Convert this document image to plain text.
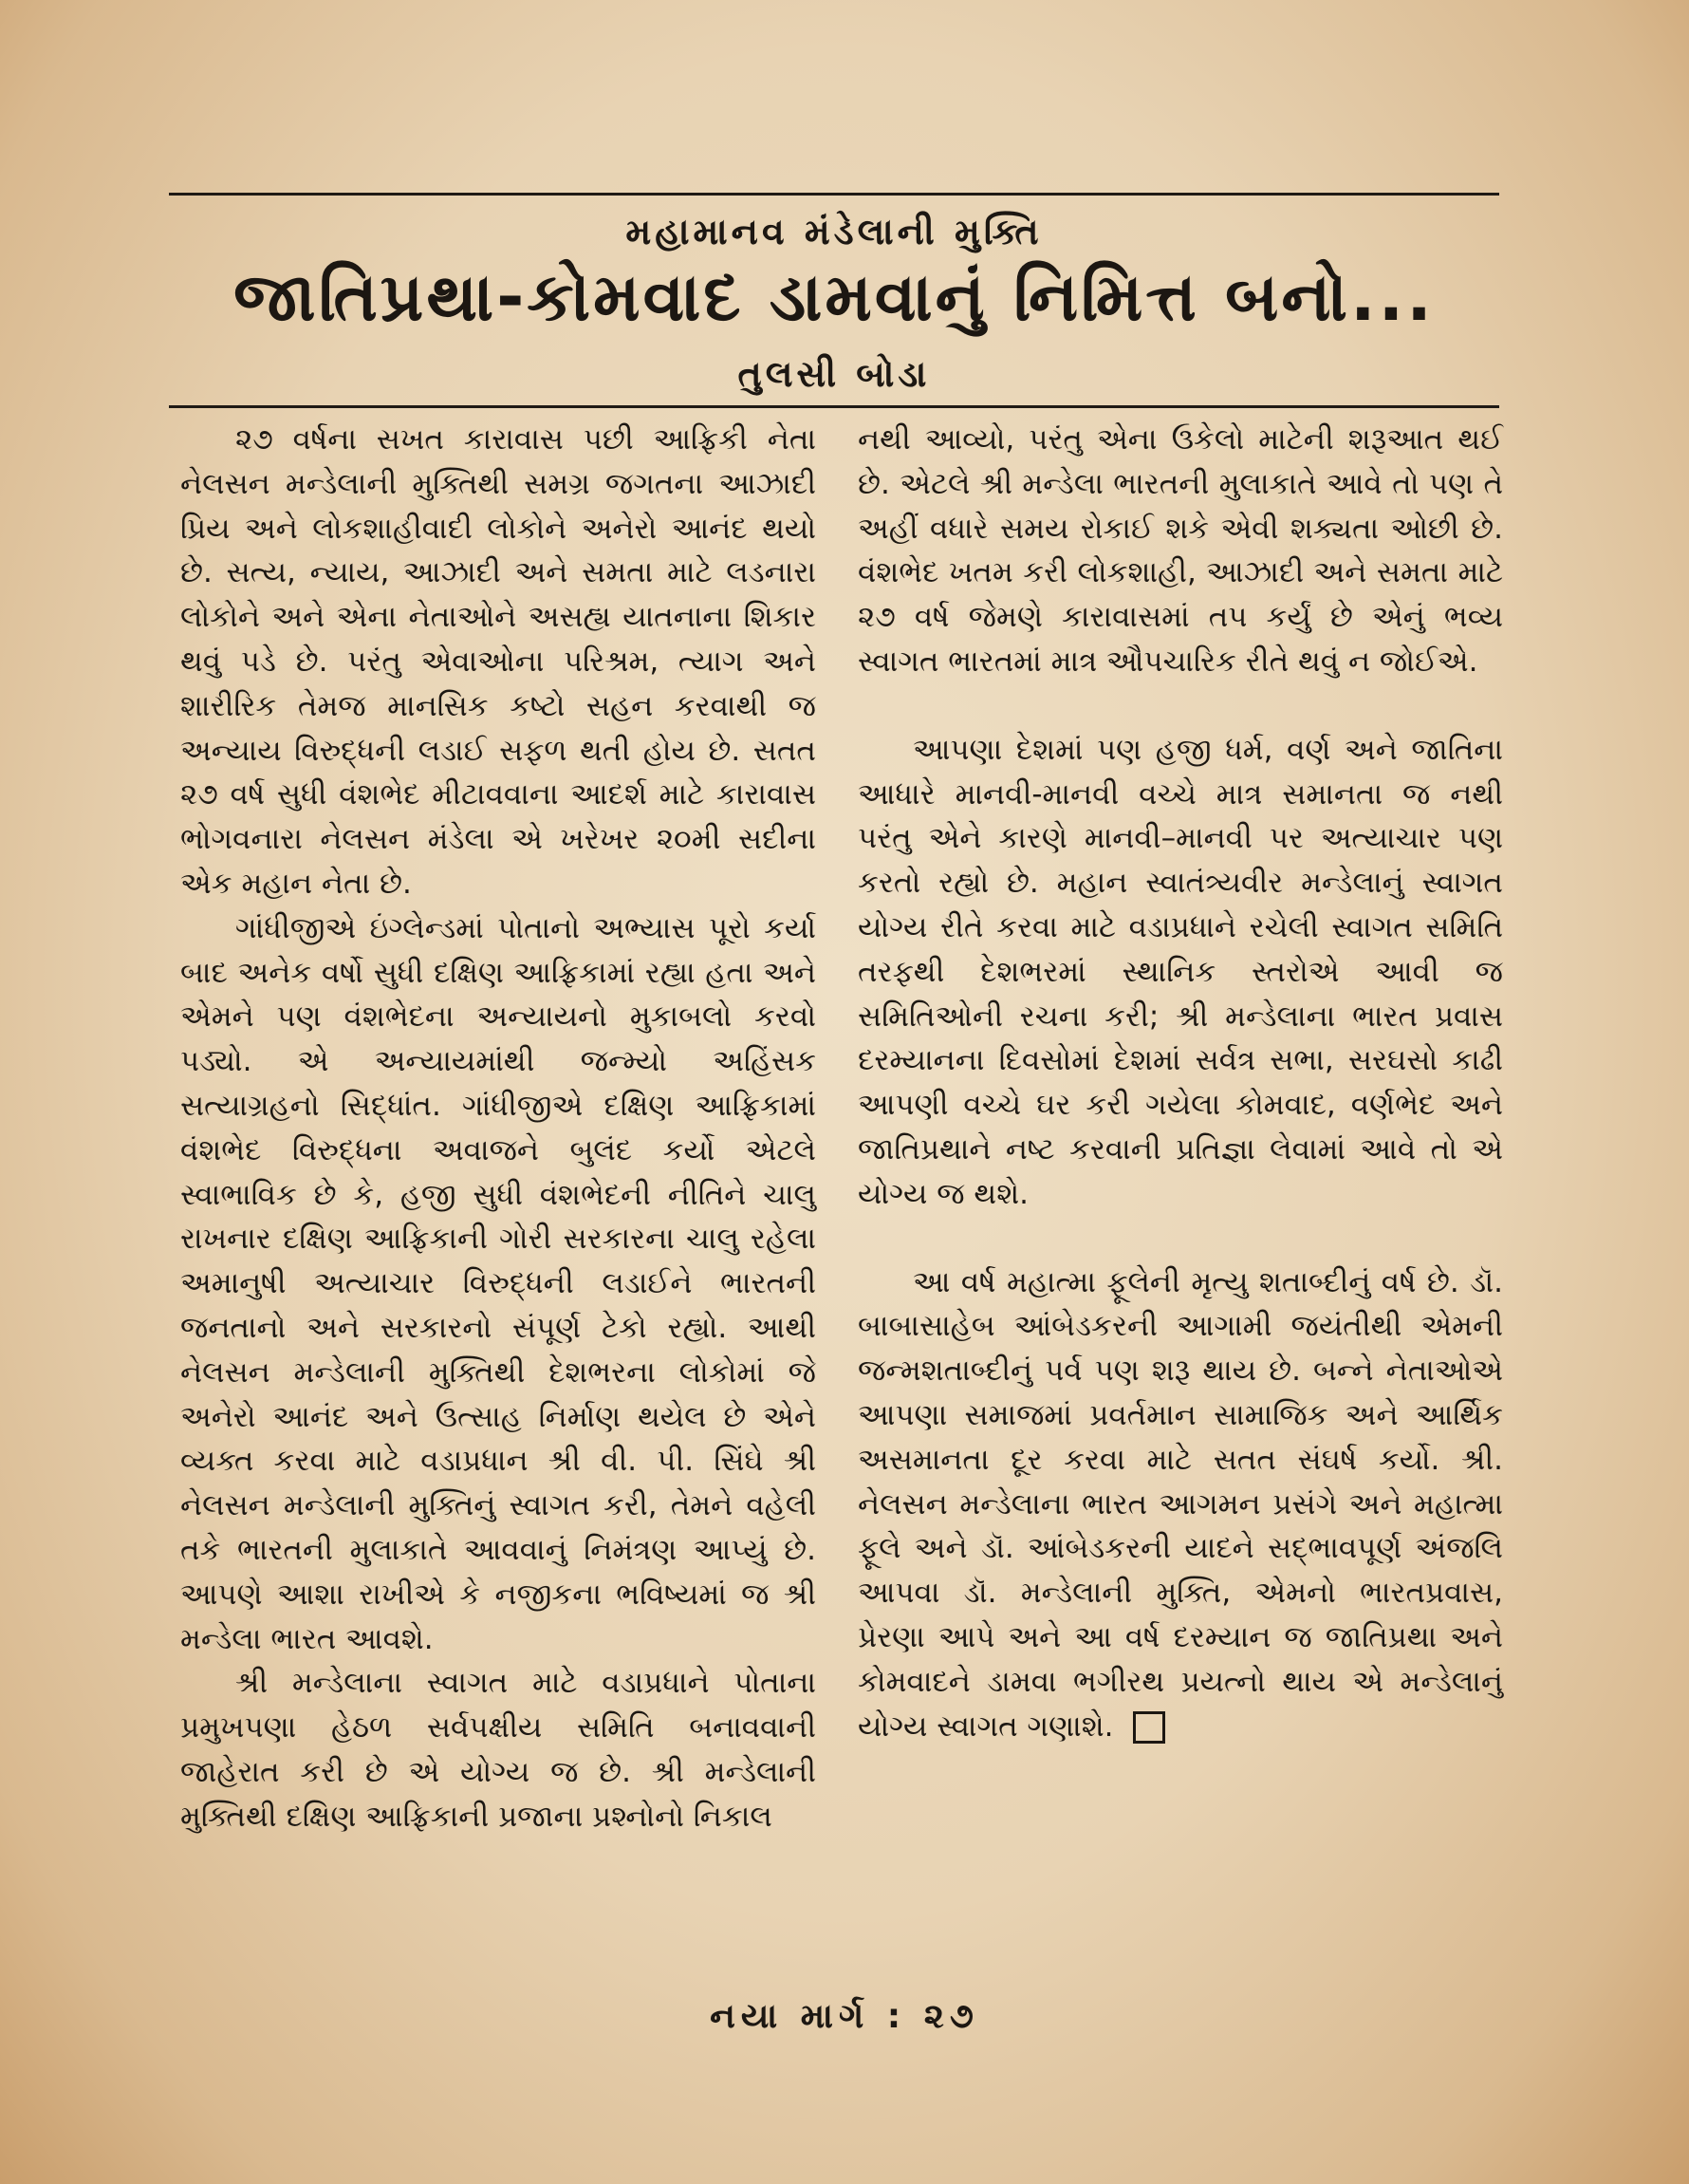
મહામાનવ મંડેલાની મુક્તિ
જાતિપ્રથા-કોમવાદ ડામવાનું નિમિત્ત બનો...
તુલસી બોડા

૨૭ વર્ષના સખત કારાવાસ પછી આફ્રિકી નેતા નેલસન મન્ડેલાની મુક્તિથી સમગ્ર જગતના આઝાદી પ્રિય અને લોકશાહીવાદી લોકોને અનેરો આનંદ થયો છે. સત્ય, ન્યાય, આઝાદી અને સમતા માટે લડનારા લોકોને અને એના નેતાઓને અસહ્ય યાતનાના શિકાર થવું પડે છે. પરંતુ એવાઓના પરિશ્રમ, ત્યાગ અને શારીરિક તેમજ માનસિક કષ્ટો સહન કરવાથી જ અન્યાય વિરુદ્ધની લડાઈ સફળ થતી હોય છે. સતત ૨૭ વર્ષ સુધી વંશભેદ મીટાવવાના આદર્શ માટે કારાવાસ ભોગવનારા નેલસન મંડેલા એ ખરેખર ૨૦મી સદીના એક મહાન નેતા છે.

ગાંધીજીએ ઇંગ્લેન્ડમાં પોતાનો અભ્યાસ પૂરો કર્યા બાદ અનેક વર્ષો સુધી દક્ષિણ આફ્રિકામાં રહ્યા હતા અને એમને પણ વંશભેદના અન્યાયનો મુકાબલો કરવો પડ્યો. એ અન્યાયમાંથી જન્મ્યો અહિંસક સત્યાગ્રહનો સિદ્ધાંત. ગાંધીજીએ દક્ષિણ આફ્રિકામાં વંશભેદ વિરુદ્ધના અવાજને બુલંદ કર્યો એટલે સ્વાભાવિક છે કે, હજી સુધી વંશભેદની નીતિને ચાલુ રાખનાર દક્ષિણ આફ્રિકાની ગોરી સરકારના ચાલુ રહેલા અમાનુષી અત્યાચાર વિરુદ્ધની લડાઈને ભારતની જનતાનો અને સરકારનો સંપૂર્ણ ટેકો રહ્યો. આથી નેલસન મન્ડેલાની મુક્તિથી દેશભરના લોકોમાં જે અનેરો આનંદ અને ઉત્સાહ નિર્માણ થયેલ છે એને વ્યક્ત કરવા માટે વડાપ્રધાન શ્રી વી. પી. સિંઘે શ્રી નેલસન મન્ડેલાની મુક્તિનું સ્વાગત કરી, તેમને વહેલી તકે ભારતની મુલાકાતે આવવાનું નિમંત્રણ આપ્યું છે. આપણે આશા રાખીએ કે નજીકના ભવિષ્યમાં જ શ્રી મન્ડેલા ભારત આવશે.

શ્રી મન્ડેલાના સ્વાગત માટે વડાપ્રધાને પોતાના પ્રમુખપણા હેઠળ સર્વપક્ષીય સમિતિ બનાવવાની જાહેરાત કરી છે એ યોગ્ય જ છે. શ્રી મન્ડેલાની મુક્તિથી દક્ષિણ આફ્રિકાની પ્રજાના પ્રશ્નોનો નિકાલ

નથી આવ્યો, પરંતુ એના ઉકેલો માટેની શરૂઆત થઈ છે. એટલે શ્રી મન્ડેલા ભારતની મુલાકાતે આવે તો પણ તે અહીં વધારે સમય રોકાઈ શકે એવી શક્યતા ઓછી છે. વંશભેદ ખતમ કરી લોકશાહી, આઝાદી અને સમતા માટે ૨૭ વર્ષ જેમણે કારાવાસમાં તપ કર્યું છે એનું ભવ્ય સ્વાગત ભારતમાં માત્ર ઔપચારિક રીતે થવું ન જોઈએ.

આપણા દેશમાં પણ હજી ધર્મ, વર્ણ અને જાતિના આધારે માનવી-માનવી વચ્ચે માત્ર સમાનતા જ નથી પરંતુ એને કારણે માનવી–માનવી પર અત્યાચાર પણ કરતો રહ્યો છે. મહાન સ્વાતંત્ર્યવીર મન્ડેલાનું સ્વાગત યોગ્ય રીતે કરવા માટે વડાપ્રધાને રચેલી સ્વાગત સમિતિ તરફથી દેશભરમાં સ્થાનિક સ્તરોએ આવી જ સમિતિઓની રચના કરી; શ્રી મન્ડેલાના ભારત પ્રવાસ દરમ્યાનના દિવસોમાં દેશમાં સર્વત્ર સભા, સરઘસો કાઢી આપણી વચ્ચે ઘર કરી ગયેલા કોમવાદ, વર્ણભેદ અને જાતિપ્રથાને નષ્ટ કરવાની પ્રતિજ્ઞા લેવામાં આવે તો એ યોગ્ય જ થશે.

આ વર્ષ મહાત્મા ફૂલેની મૃત્યુ શતાબ્દીનું વર્ષ છે. ડૉ. બાબાસાહેબ આંબેડકરની આગામી જયંતીથી એમની જન્મશતાબ્દીનું પર્વ પણ શરૂ થાય છે. બન્ને નેતાઓએ આપણા સમાજમાં પ્રવર્તમાન સામાજિક અને આર્થિક અસમાનતા દૂર કરવા માટે સતત સંઘર્ષ કર્યો. શ્રી. નેલસન મન્ડેલાના ભારત આગમન પ્રસંગે અને મહાત્મા ફૂલે અને ડૉ. આંબેડકરની યાદને સદ્‌ભાવપૂર્ણ અંજલિ આપવા ડૉ. મન્ડેલાની મુક્તિ, એમનો ભારતપ્રવાસ, પ્રેરણા આપે અને આ વર્ષ દરમ્યાન જ જાતિપ્રથા અને કોમવાદને ડામવા ભગીરથ પ્રયત્નો થાય એ મન્ડેલાનું યોગ્ય સ્વાગત ગણાશે.

નયા માર્ગ : ૨૭
